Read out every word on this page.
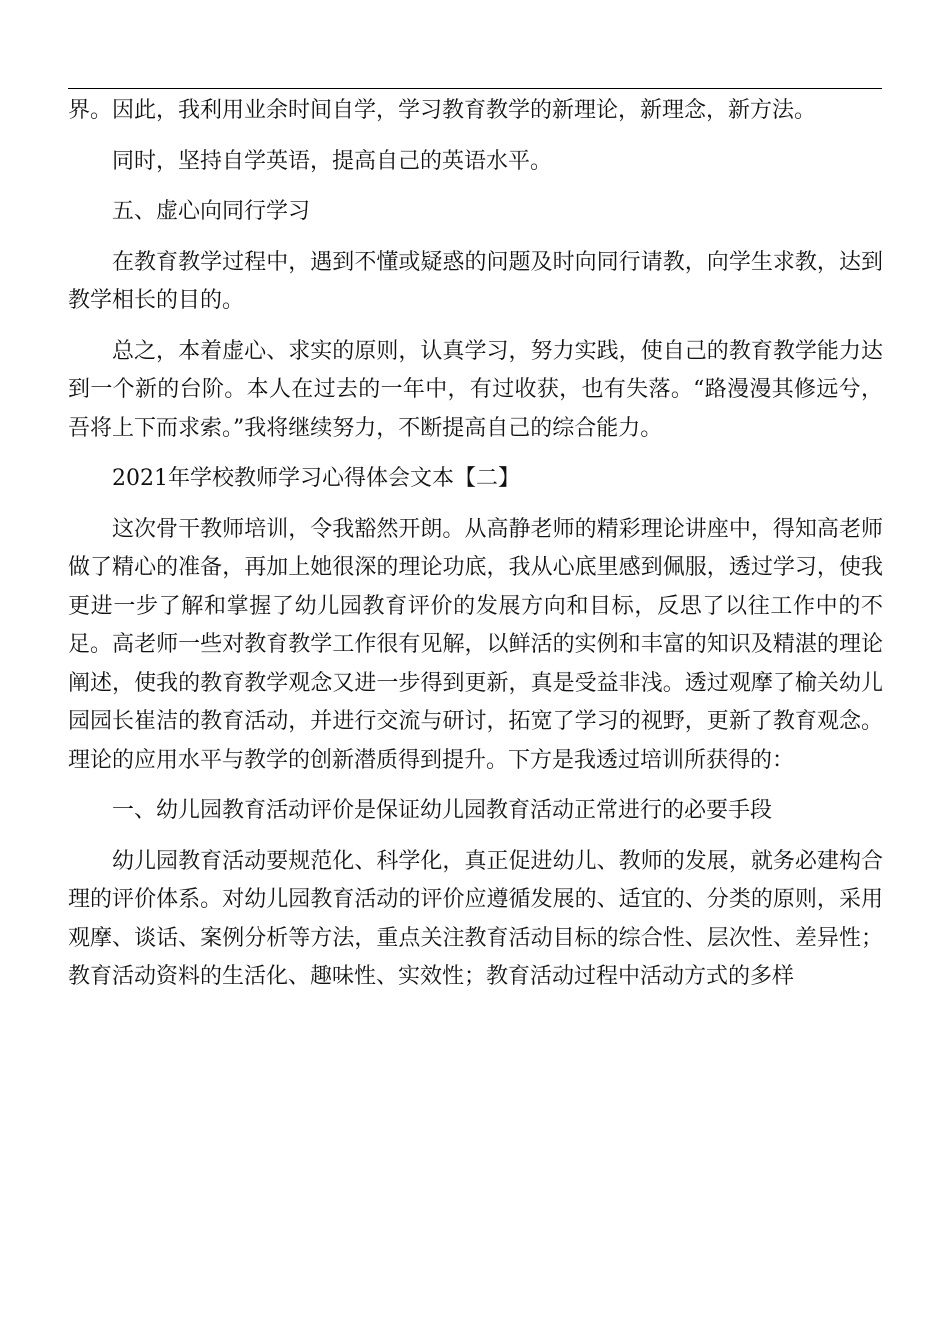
界。因此，我利用业余时间自学，学习教育教学的新理论，新理念，新方法。

同时，坚持自学英语，提高自己的英语水平。

五、虚心向同行学习

在教育教学过程中，遇到不懂或疑惑的问题及时向同行请教，向学生求教，达到教学相长的目的。

总之，本着虚心、求实的原则，认真学习，努力实践，使自己的教育教学能力达到一个新的台阶。本人在过去的一年中，有过收获，也有失落。“路漫漫其修远兮，吾将上下而求索。”我将继续努力，不断提高自己的综合能力。

2021年学校教师学习心得体会文本【二】

这次骨干教师培训，令我豁然开朗。从高静老师的精彩理论讲座中，得知高老师做了精心的准备，再加上她很深的理论功底，我从心底里感到佩服，透过学习，使我更进一步了解和掌握了幼儿园教育评价的发展方向和目标，反思了以往工作中的不足。高老师一些对教育教学工作很有见解，以鲜活的实例和丰富的知识及精湛的理论阐述，使我的教育教学观念又进一步得到更新，真是受益非浅。透过观摩了榆关幼儿园园长崔洁的教育活动，并进行交流与研讨，拓宽了学习的视野，更新了教育观念。理论的应用水平与教学的创新潜质得到提升。下方是我透过培训所获得的：

一、幼儿园教育活动评价是保证幼儿园教育活动正常进行的必要手段

幼儿园教育活动要规范化、科学化，真正促进幼儿、教师的发展，就务必建构合理的评价体系。对幼儿园教育活动的评价应遵循发展的、适宜的、分类的原则，采用观摩、谈话、案例分析等方法，重点关注教育活动目标的综合性、层次性、差异性；教育活动资料的生活化、趣味性、实效性；教育活动过程中活动方式的多样
